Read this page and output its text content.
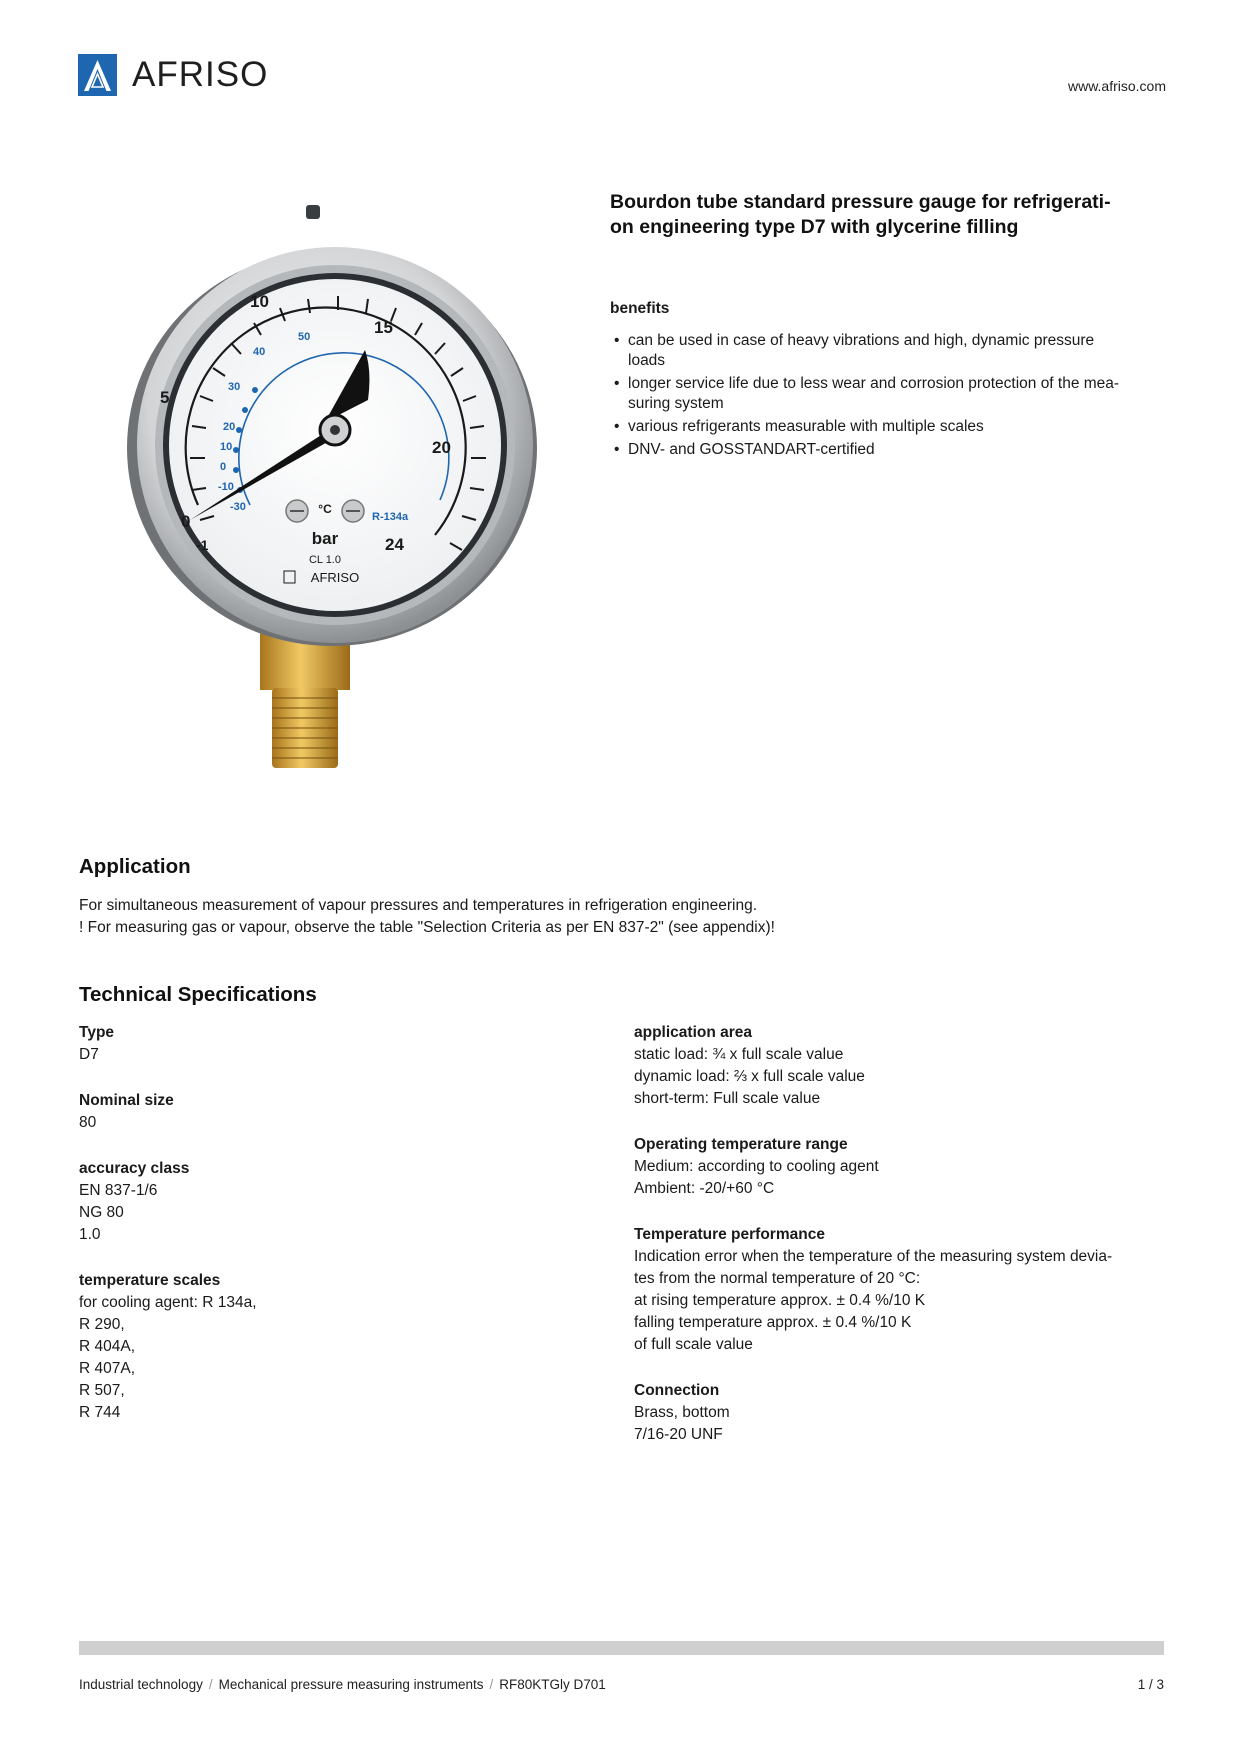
AFRISO	www.afriso.com
0
-1
5
10
15
20
24
-30
-10
0
10
20
30
40
50
R-134a
°C
bar
CL 1.0
AFRISO
Bourdon tube standard pressure gauge for refrigerati-
on engineering type D7 with glycerine filling
benefits
• can be used in case of heavy vibrations and high, dynamic pressure
loads
• longer service life due to less wear and corrosion protection of the mea-
suring system
• various refrigerants measurable with multiple scales
• DNV- and GOSSTANDART-certified
Application
For simultaneous measurement of vapour pressures and temperatures in refrigeration engineering.
! For measuring gas or vapour, observe the table "Selection Criteria as per EN 837-2" (see appendix)!
Technical Specifications
Type
D7
Nominal size
80
accuracy class
EN 837-1/6
NG 80
1.0
temperature scales
for cooling agent: R 134a,
R 290,
R 404A,
R 407A,
R 507,
R 744
application area
static load: ¾ x full scale value
dynamic load: ⅔ x full scale value
short-term: Full scale value
Operating temperature range
Medium: according to cooling agent
Ambient: -20/+60 °C
Temperature performance
Indication error when the temperature of the measuring system devia-
tes from the normal temperature of 20 °C:
at rising temperature approx. ± 0.4 %/10 K
falling temperature approx. ± 0.4 %/10 K
of full scale value
Connection
Brass, bottom
7/16-20 UNF
Industrial technology / Mechanical pressure measuring instruments / RF80KTGly D701	1 / 3
